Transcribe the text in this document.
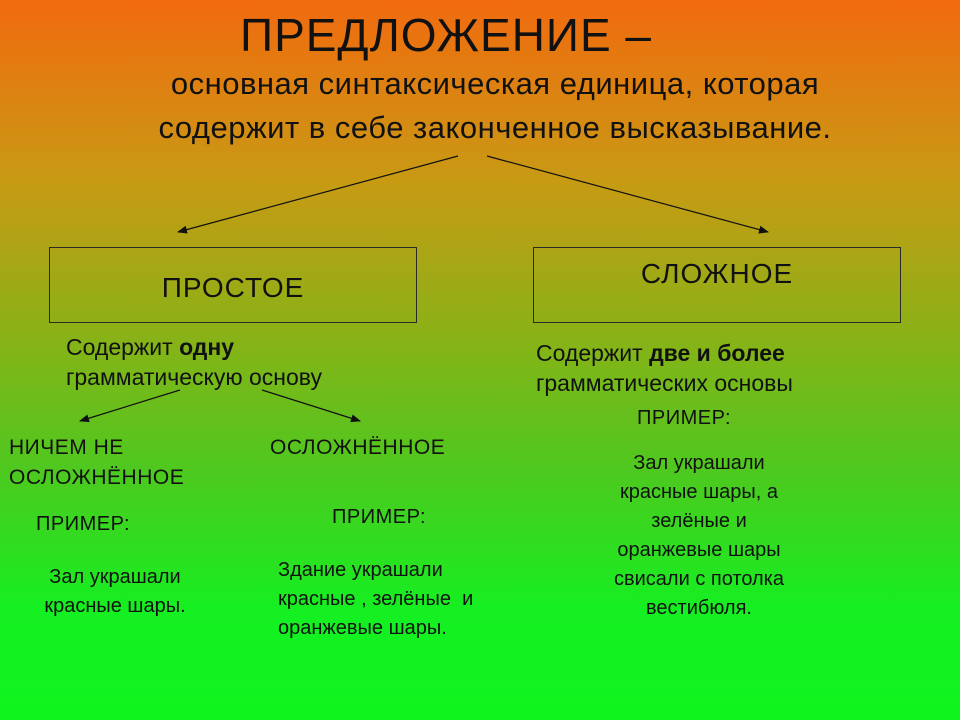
ПРЕДЛОЖЕНИЕ –
основная синтаксическая единица, которая
содержит в себе законченное высказывание.
ПРОСТОЕ	СЛОЖНОЕ
Содержит одну
грамматическую основу
Содержит две и более
грамматических основы
НИЧЕМ НЕ
ОСЛОЖНЁННОЕ
ОСЛОЖНЁННОЕ
ПРИМЕР:	ПРИМЕР:
ПРИМЕР:
Зал украшали
красные шары.
Здание украшали
красные , зелёные  и
оранжевые шары.
Зал украшали
красные шары, а
зелёные и
оранжевые шары
свисали с потолка
вестибюля.
